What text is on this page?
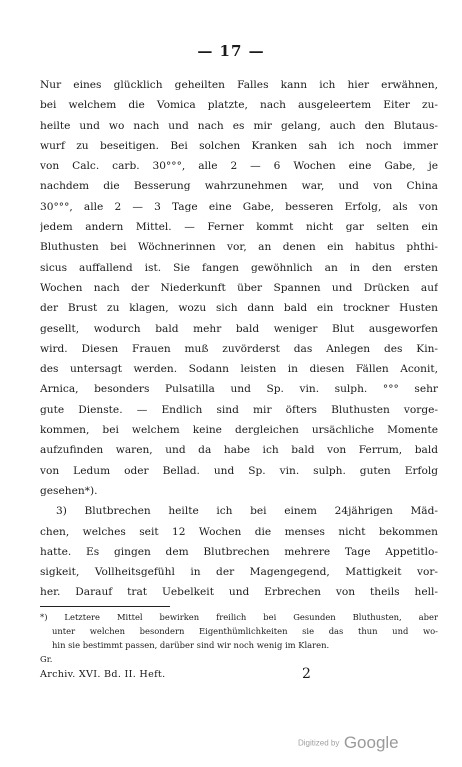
— 17 —
Nur eines glücklich geheilten Falles kann ich hier erwähnen,
bei welchem die Vomica platzte, nach ausgeleertem Eiter zu-
heilte und wo nach und nach es mir gelang, auch den Blutaus-
wurf zu beseitigen. Bei solchen Kranken sah ich noch immer
von Calc. carb. 30°°°, alle 2 — 6 Wochen eine Gabe, je
nachdem die Besserung wahrzunehmen war, und von China
30°°°, alle 2 — 3 Tage eine Gabe, besseren Erfolg, als von
jedem andern Mittel. — Ferner kommt nicht gar selten ein
Bluthusten bei Wöchnerinnen vor, an denen ein habitus phthi-
sicus auffallend ist. Sie fangen gewöhnlich an in den ersten
Wochen nach der Niederkunft über Spannen und Drücken auf
der Brust zu klagen, wozu sich dann bald ein trockner Husten
gesellt, wodurch bald mehr bald weniger Blut ausgeworfen
wird. Diesen Frauen muß zuvörderst das Anlegen des Kin-
des untersagt werden. Sodann leisten in diesen Fällen Aconit,
Arnica, besonders Pulsatilla und Sp. vin. sulph. °°° sehr
gute Dienste. — Endlich sind mir öfters Bluthusten vorge-
kommen, bei welchem keine dergleichen ursächliche Momente
aufzufinden waren, und da habe ich bald von Ferrum, bald
von Ledum oder Bellad. und Sp. vin. sulph. guten Erfolg
gesehen*).
3) Blutbrechen heilte ich bei einem 24jährigen Mäd-
chen, welches seit 12 Wochen die menses nicht bekommen
hatte. Es gingen dem Blutbrechen mehrere Tage Appetitlo-
sigkeit, Vollheitsgefühl in der Magengegend, Mattigkeit vor-
her. Darauf trat Uebelkeit und Erbrechen von theils hell-
*) Letztere Mittel bewirken freilich bei Gesunden Bluthusten, aber
unter welchen besondern Eigenthümlichkeiten sie das thun und wo-
hin sie bestimmt passen, darüber sind wir noch wenig im Klaren.
Gr.
Archiv. XVI. Bd. II. Heft.	2
Digitized by Google
